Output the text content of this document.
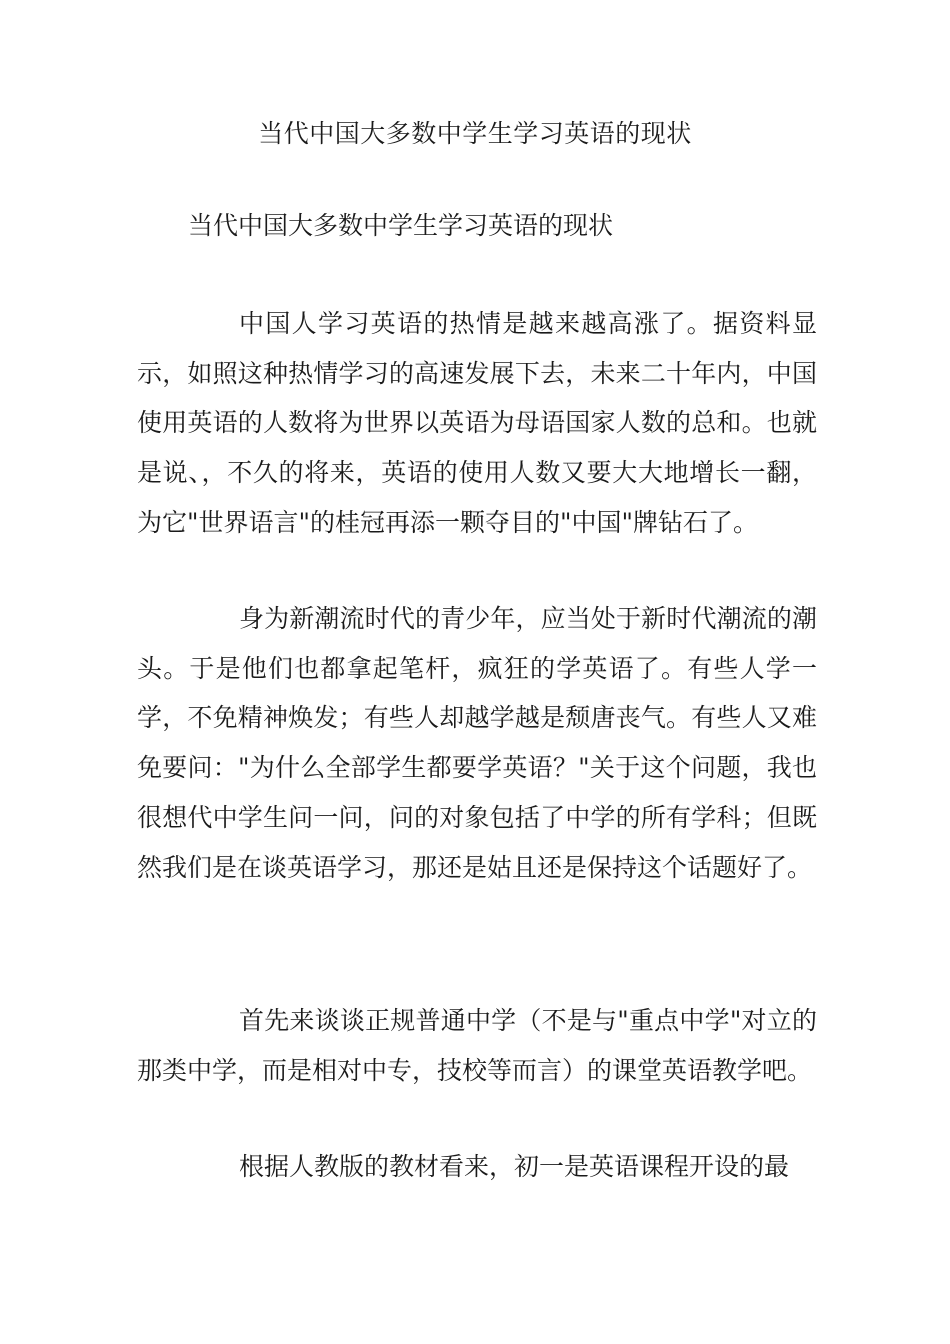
当代中国大多数中学生学习英语的现状
当代中国大多数中学生学习英语的现状

中国人学习英语的热情是越来越高涨了。据资料显示，如照这种热情学习的高速发展下去，未来二十年内，中国使用英语的人数将为世界以英语为母语国家人数的总和。也就是说、，不久的将来，英语的使用人数又要大大地增长一翻，为它"世界语言"的桂冠再添一颗夺目的"中国"牌钻石了。

身为新潮流时代的青少年，应当处于新时代潮流的潮头。于是他们也都拿起笔杆，疯狂的学英语了。有些人学一学，不免精神焕发；有些人却越学越是颓唐丧气。有些人又难免要问："为什么全部学生都要学英语？"关于这个问题，我也很想代中学生问一问，问的对象包括了中学的所有学科；但既然我们是在谈英语学习，那还是姑且还是保持这个话题好了。

首先来谈谈正规普通中学（不是与"重点中学"对立的那类中学，而是相对中专，技校等而言）的课堂英语教学吧。

根据人教版的教材看来，初一是英语课程开设的最
